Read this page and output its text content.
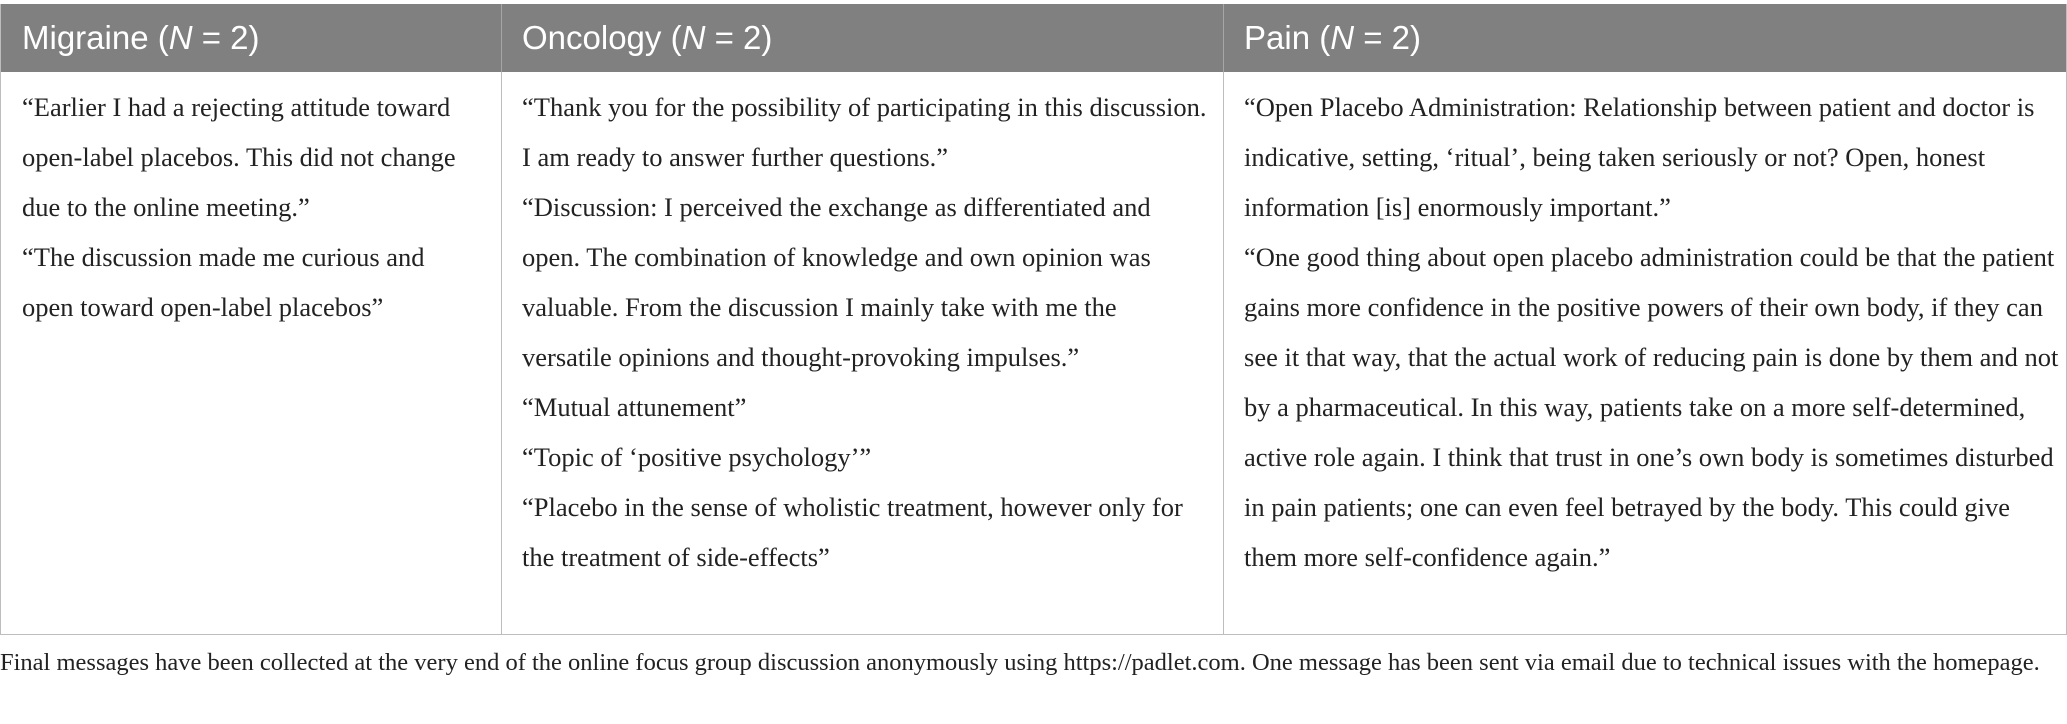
Migraine (N = 2)	Oncology (N = 2)	Pain (N = 2)

“Earlier I had a rejecting attitude toward open-label placebos. This did not change due to the online meeting.”

“The discussion made me curious and open toward open-label placebos”

“Thank you for the possibility of participating in this discussion. I am ready to answer further questions.”

“Discussion: I perceived the exchange as differentiated and open. The combination of knowledge and own opinion was valuable. From the discussion I mainly take with me the versatile opinions and thought-provoking impulses.”

“Mutual attunement”

“Topic of ‘positive psychology’”

“Placebo in the sense of wholistic treatment, however only for the treatment of side-effects”

“Open Placebo Administration: Relationship between patient and doctor is indicative, setting, ‘ritual’, being taken seriously or not? Open, honest information [is] enormously important.”

“One good thing about open placebo administration could be that the patient gains more confidence in the positive powers of their own body, if they can see it that way, that the actual work of reducing pain is done by them and not by a pharmaceutical. In this way, patients take on a more self-determined, active role again. I think that trust in one’s own body is sometimes disturbed in pain patients; one can even feel betrayed by the body. This could give them more self-confidence again.”

Final messages have been collected at the very end of the online focus group discussion anonymously using https://padlet.com. One message has been sent via email due to technical issues with the homepage.
